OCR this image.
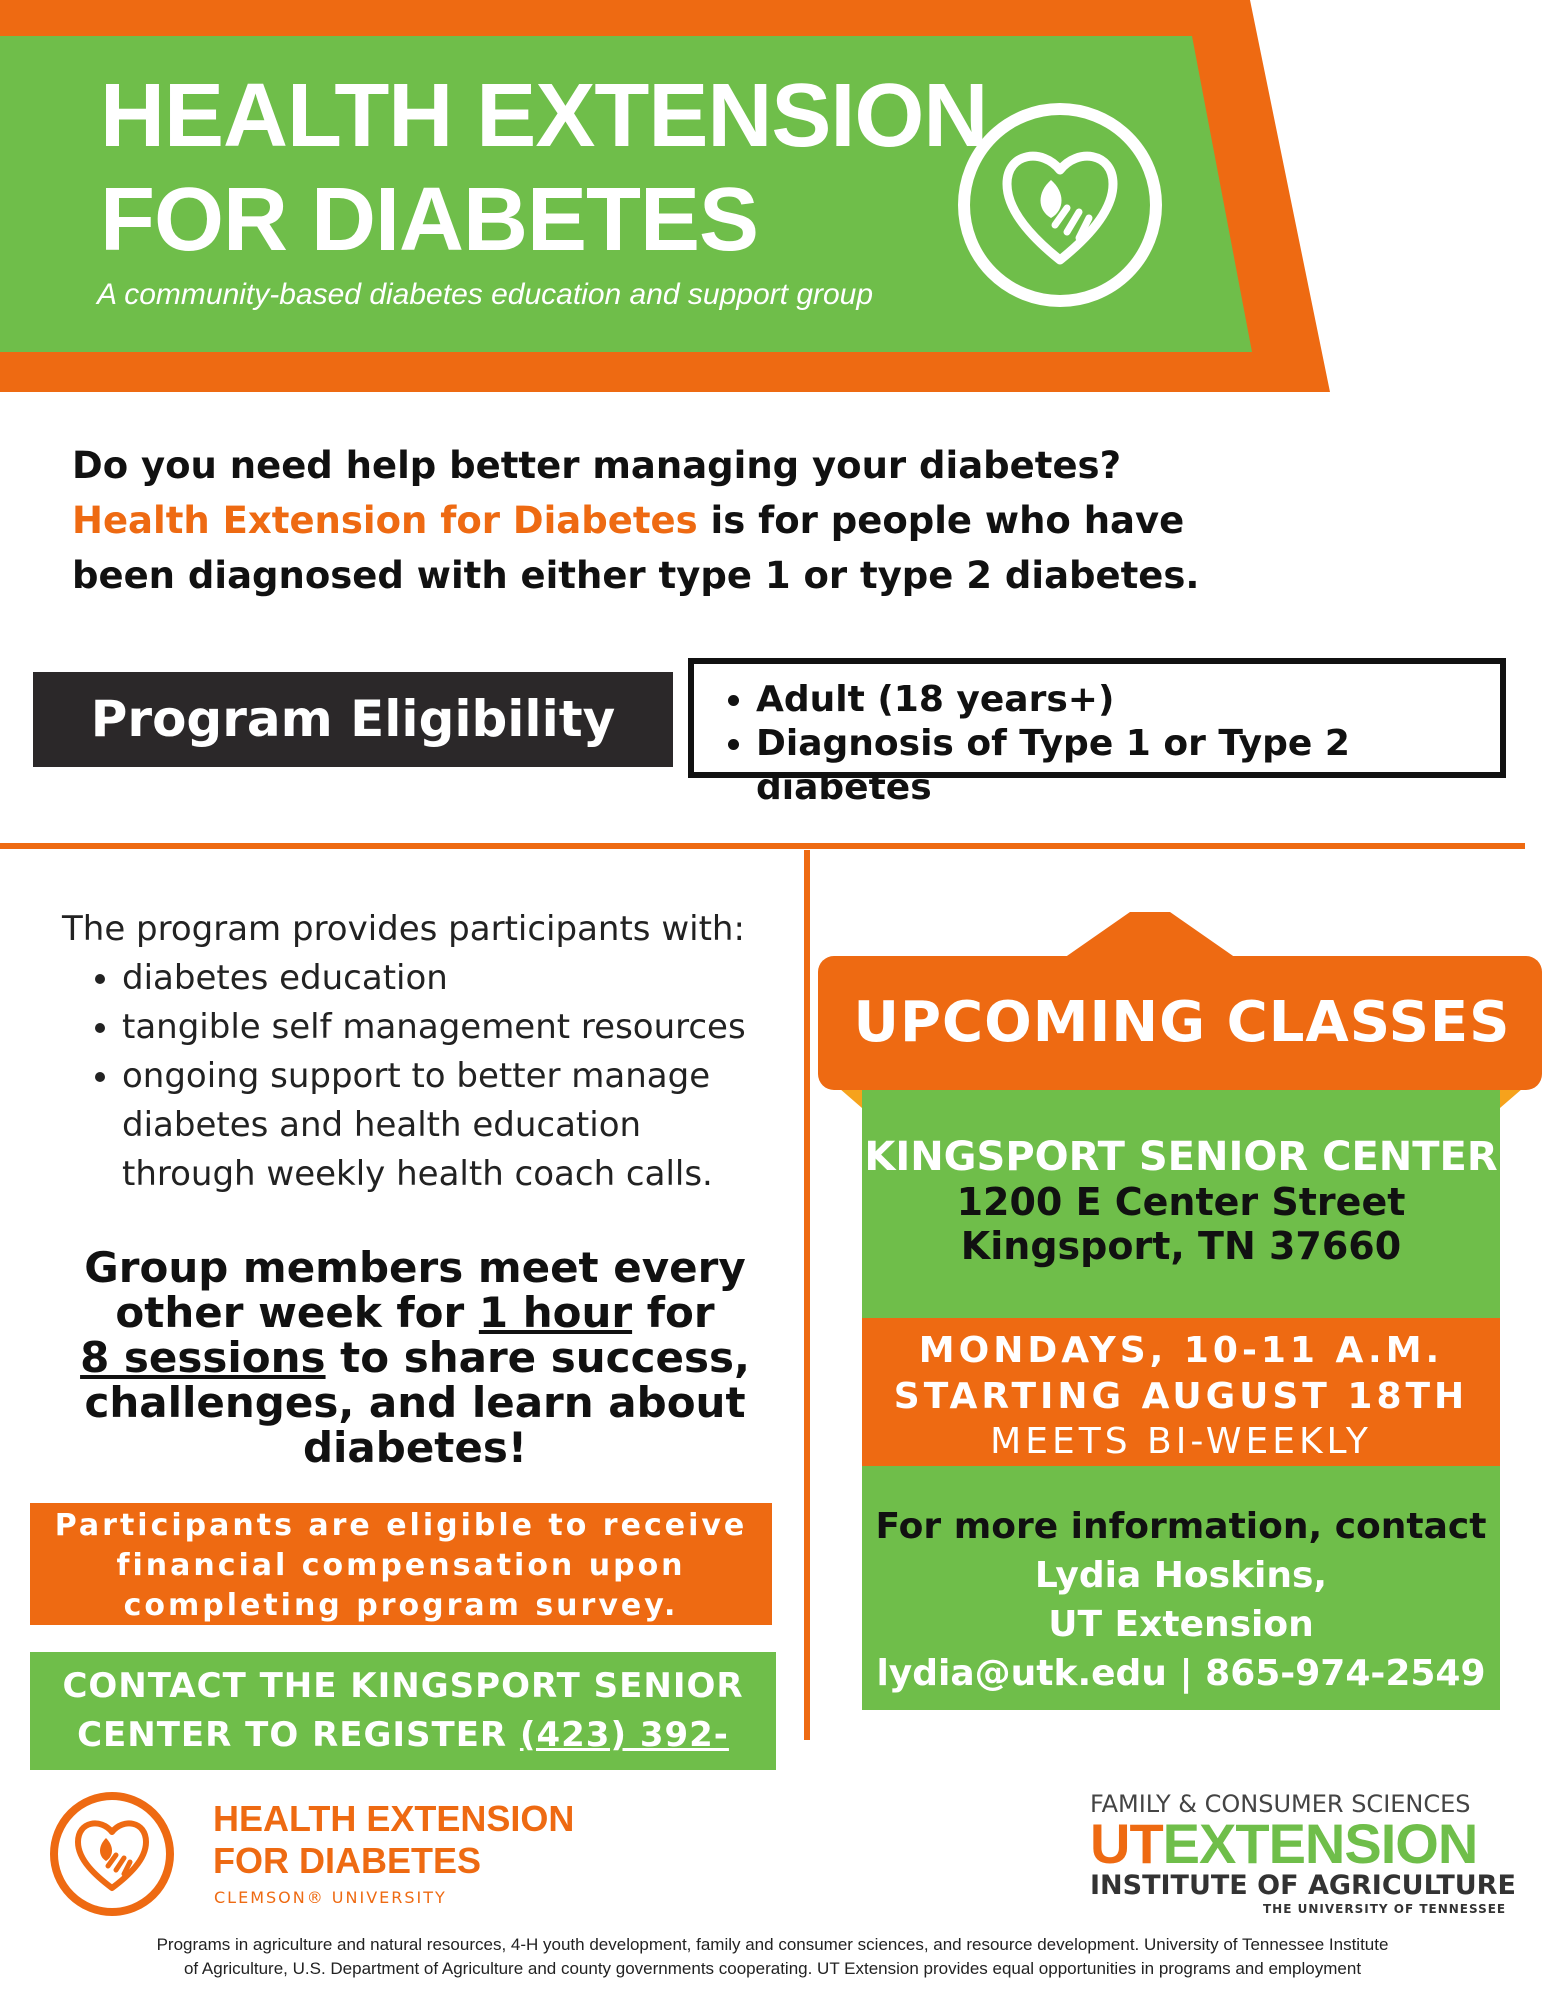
HEALTH EXTENSION
FOR DIABETES
A community-based diabetes education and support group
Do you need help better managing your diabetes?
Health Extension for Diabetes is for people who have
been diagnosed with either type 1 or type 2 diabetes.
Program Eligibility
•	Adult (18 years+)
• Diagnosis of Type 1 or Type 2 diabetes
The program provides participants with:
• diabetes education
• tangible self management resources
• ongoing support to better manage diabetes and health education through weekly health coach calls.
Group members meet every other week for 1 hour for
8 sessions to share success, challenges, and learn about diabetes!
Participants are eligible to receive financial compensation upon completing program survey.
CONTACT THE KINGSPORT SENIOR
CENTER TO REGISTER (423) 392-8400
UPCOMING CLASSES
KINGSPORT SENIOR CENTER
1200 E Center Street
Kingsport, TN 37660
MONDAYS, 10-11 A.M.
STARTING AUGUST 18TH
MEETS BI-WEEKLY
For more information, contact
Lydia Hoskins,
UT Extension
lydia@utk.edu | 865-974-2549
HEALTH EXTENSION
FOR DIABETES
CLEMSON® UNIVERSITY
FAMILY & CONSUMER SCIENCES
UTEXTENSION
INSTITUTE OF AGRICULTURE
THE UNIVERSITY OF TENNESSEE
Programs in agriculture and natural resources, 4-H youth development, family and consumer sciences, and resource development. University of Tennessee Institute
of Agriculture, U.S. Department of Agriculture and county governments cooperating. UT Extension provides equal opportunities in programs and employment
